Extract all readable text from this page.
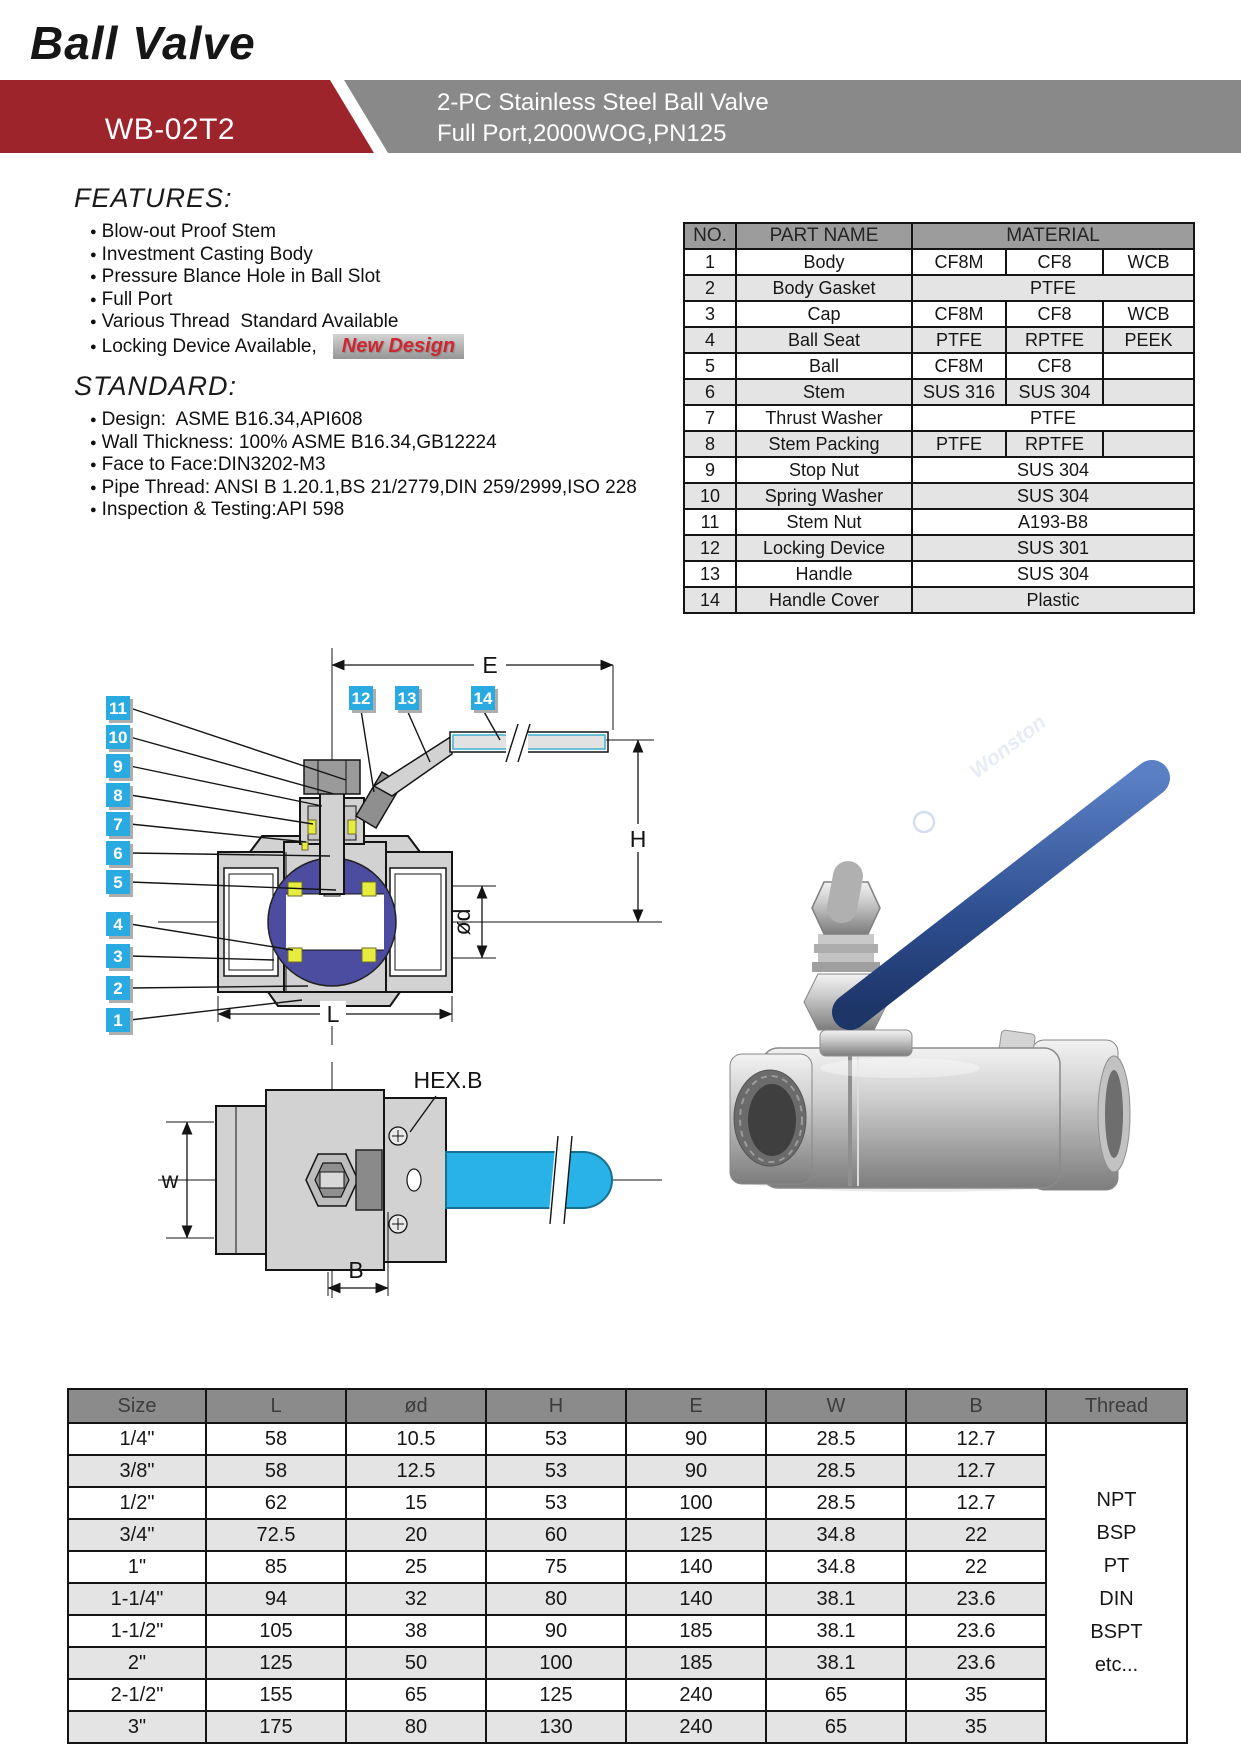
Ball Valve
WB-02T2
2-PC Stainless Steel Ball Valve
Full Port,2000WOG,PN125
FEATURES:
● Blow-out Proof Stem
● Investment Casting Body
● Pressure Blance Hole in Ball Slot
● Full Port
● Various Thread  Standard Available
● Locking Device Available, New Design
STANDARD:
● Design:  ASME B16.34,API608
● Wall Thickness: 100% ASME B16.34,GB12224
● Face to Face:DIN3202-M3
● Pipe Thread: ANSI B 1.20.1,BS 21/2779,DIN 259/2999,ISO 228
● Inspection & Testing:API 598
NO.	PART NAME	MATERIAL		
1	Body	CF8M	CF8	WCB
2	Body Gasket	PTFE		
3	Cap	CF8M	CF8	WCB
4	Ball Seat	PTFE	RPTFE	PEEK
5	Ball	CF8M	CF8	
6	Stem	SUS 316	SUS 304	
7	Thrust Washer	PTFE		
8	Stem Packing	PTFE	RPTFE	
9	Stop Nut	SUS 304		
10	Spring Washer	SUS 304		
11	Stem Nut	A193-B8		
12	Locking Device	SUS 301		
13	Handle	SUS 304		
14	Handle Cover	Plastic		
E
H
ød
L
11
10
9
8
7
6
5
4
3
2
1
12 13	14
w
B
HEX.B
Wonston
Size	L	ød	H	E	W	B	Thread
1/4"	58	10.5	53	90	28.5	12.7	
NPT
BSP
PT
DIN
BSPT
etc...

3/8"	58	12.5	53	90	28.5	12.7	
1/2"	62	15	53	100	28.5	12.7	
3/4"	72.5	20	60	125	34.8	22	
1"	85	25	75	140	34.8	22	
1-1/4"	94	32	80	140	38.1	23.6	
1-1/2"	105	38	90	185	38.1	23.6	
2"	125	50	100	185	38.1	23.6	
2-1/2"	155	65	125	240	65	35	
3"	175	80	130	240	65	35	
